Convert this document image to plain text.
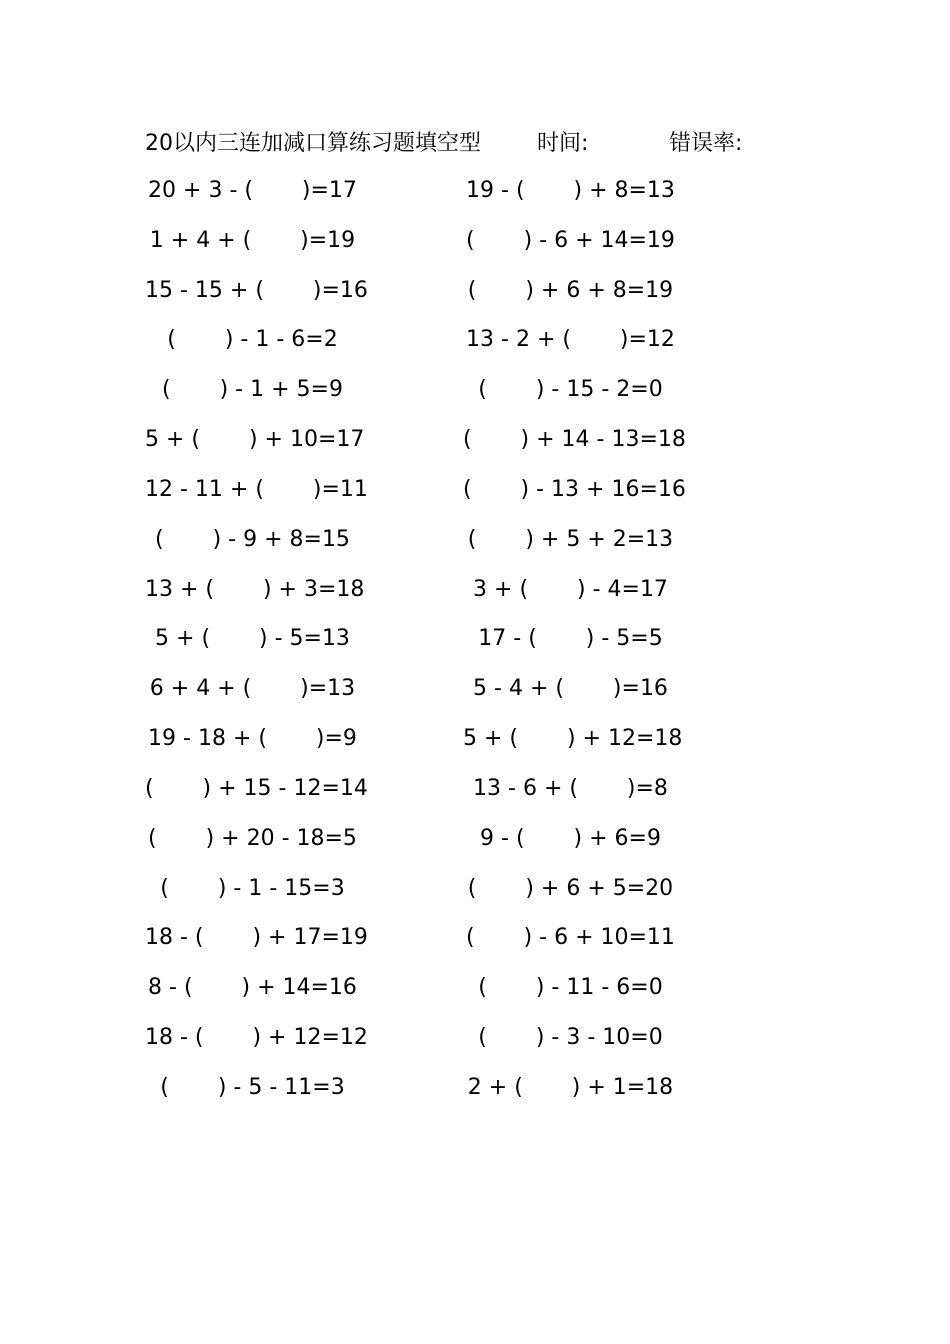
20以内三连加减口算练习题填空型	时间:	错误率:
20 + 3 - (       )=17
1 + 4 + (       )=19
15 - 15 + (       )=16
(       ) - 1 - 6=2
(       ) - 1 + 5=9
5 + (       ) + 10=17
12 - 11 + (       )=11
(       ) - 9 + 8=15
13 + (       ) + 3=18
5 + (       ) - 5=13
6 + 4 + (       )=13
19 - 18 + (       )=9
(       ) + 15 - 12=14
(       ) + 20 - 18=5
(       ) - 1 - 15=3
18 - (       ) + 17=19
8 - (       ) + 14=16
18 - (       ) + 12=12
(       ) - 5 - 11=3
19 - (       ) + 8=13
(       ) - 6 + 14=19
(       ) + 6 + 8=19
13 - 2 + (       )=12
(       ) - 15 - 2=0
(       ) + 14 - 13=18
(       ) - 13 + 16=16
(       ) + 5 + 2=13
3 + (       ) - 4=17
17 - (       ) - 5=5
5 - 4 + (       )=16
5 + (       ) + 12=18
13 - 6 + (       )=8
9 - (       ) + 6=9
(       ) + 6 + 5=20
(       ) - 6 + 10=11
(       ) - 11 - 6=0
(       ) - 3 - 10=0
2 + (       ) + 1=18
